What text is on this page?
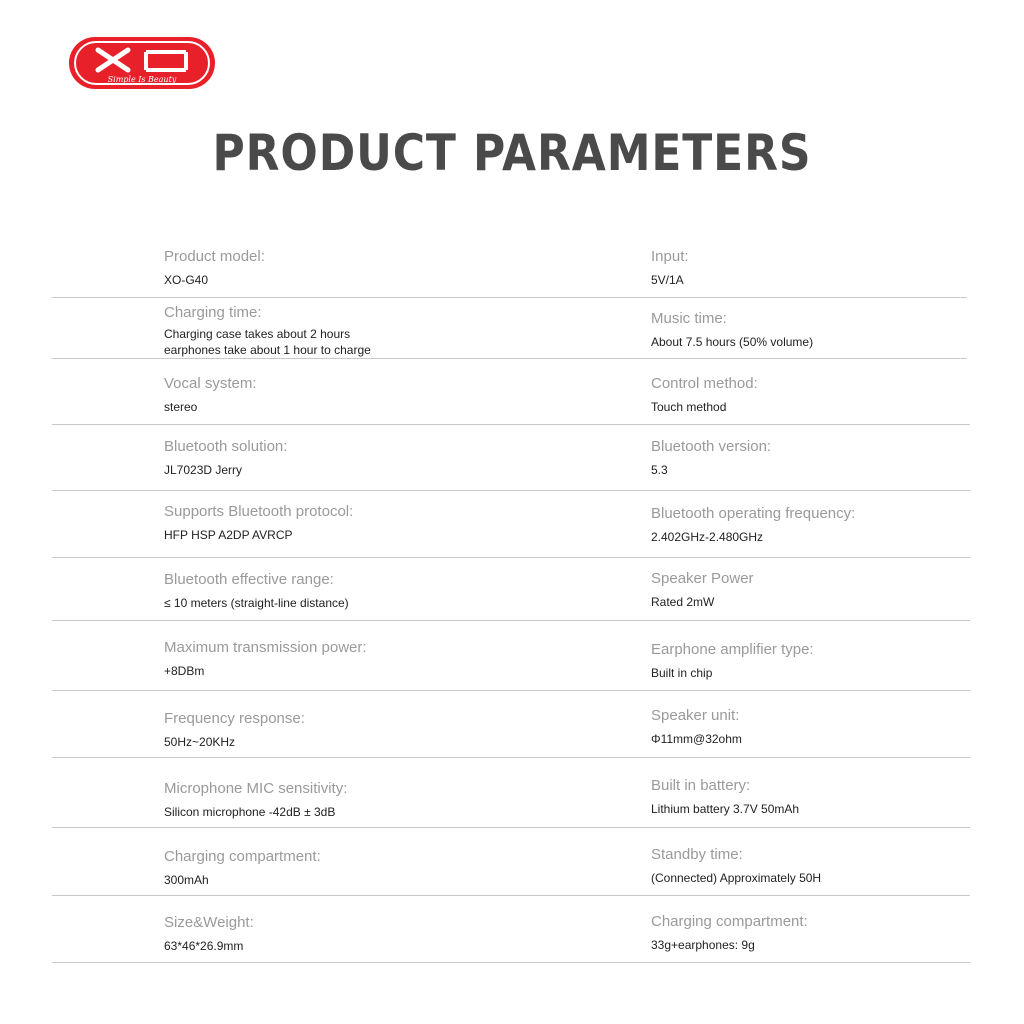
Simple Is Beauty
PRODUCT PARAMETERS
Product model:
XO-G40
Input:
5V/1A
Charging time:
Charging case takes about 2 hours
earphones take about 1 hour to charge
Music time:
About 7.5 hours (50% volume)
Vocal system:
stereo
Control method:
Touch method
Bluetooth solution:
JL7023D Jerry
Bluetooth version:
5.3
Supports Bluetooth protocol:
HFP HSP A2DP AVRCP
Bluetooth operating frequency:
2.402GHz-2.480GHz
Bluetooth effective range:
≤ 10 meters (straight-line distance)
Speaker Power
Rated 2mW
Maximum transmission power:
+8DBm
Earphone amplifier type:
Built in chip
Frequency response:
50Hz~20KHz
Speaker unit:
Φ11mm@32ohm
Microphone MIC sensitivity:
Silicon microphone -42dB ± 3dB
Built in battery:
Lithium battery 3.7V 50mAh
Charging compartment:
300mAh
Standby time:
(Connected) Approximately 50H
Size&Weight:
63*46*26.9mm
Charging compartment:
33g+earphones: 9g
